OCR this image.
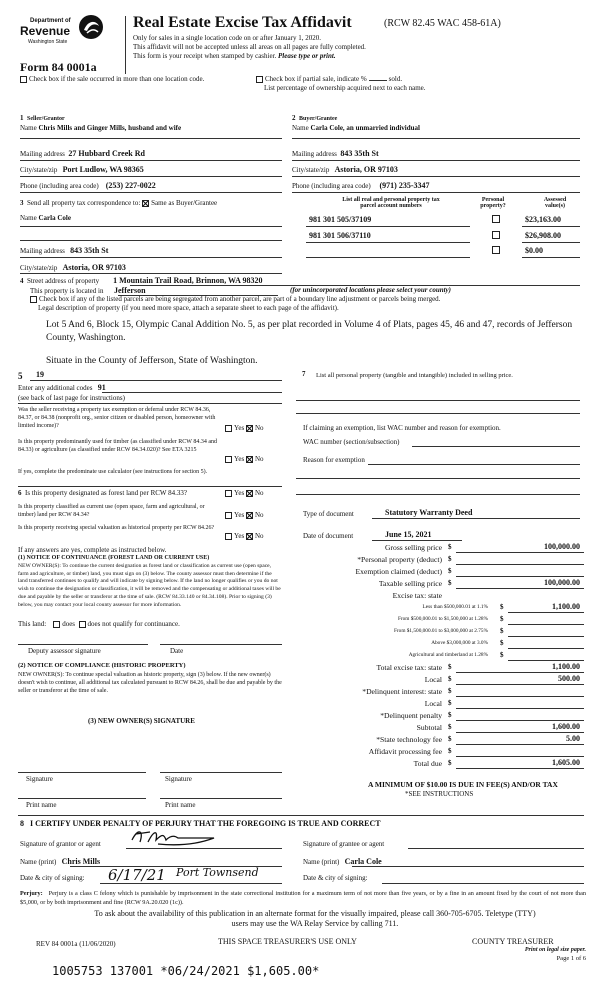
Department of
Revenue
Washington State
Real Estate Excise Tax Affidavit	(RCW 82.45 WAC 458-61A)
Only for sales in a single location code on or after January 1, 2020.
This affidavit will not be accepted unless all areas on all pages are fully completed.
This form is your receipt when stamped by cashier. Please type or print.
Form 84 0001a
Check box if the sale occurred in more than one location code.	Check box if partial sale, indicate %	sold.
List percentage of ownership acquired next to each name.
1 Seller/Grantor
Name Chris Mills and Ginger Mills, husband and wife
2 Buyer/Grantee
Name Carla Cole, an unmarried individual
Mailing address 27 Hubbard Creek Rd
City/state/zip Port Ludlow, WA 98365
Phone (including area code) (253) 227-0022
Mailing address 843 35th St
City/state/zip Astoria, OR 97103
Phone (including area code) (971) 235-3347
3 Send all property tax correspondence to: Same as Buyer/Grantee
Name Carla Cole
Mailing address 843 35th St
City/state/zip Astoria, OR 97103
List all real and personal property tax
parcel account numbers
Personal
property?
Assessed
value(s)
981 301 505/37109	$23,163.00
981 301 506/37110	$26,908.00
$0.00
4 Street address of property 1 Mountain Trail Road, Brinnon, WA 98320
This property is located in Jefferson	(for unincorporated locations please select your county)
Check box if any of the listed parcels are being segregated from another parcel, are part of a boundary line adjustment or parcels being merged.
Legal description of property (if you need more space, attach a separate sheet to each page of the affidavit).
Lot 5 And 6, Block 15, Olympic Canal Addition No. 5, as per plat recorded in Volume 4 of Plats, pages 45, 46 and 47, records of Jefferson County, Washington.
Situate in the County of Jefferson, State of Washington.
5 19
Enter any additional codes 91
(see back of last page for instructions)
Was the seller receiving a property tax exemption or deferral under RCW 84.36, 84.37, or 84.38 (nonprofit org., senior citizen or disabled person, homeowner with limited income)?	Yes No
Is this property predominantly used for timber (as classified under RCW 84.34 and 84.33) or agriculture (as classified under RCW 84.34.020)? See ETA 3215
Yes No
If yes, complete the predominate use calculator (see instructions for section 5).
6 Is this property designated as forest land per RCW 84.33?	Yes No
Is this property classified as current use (open space, farm and agricultural, or timber) land per RCW 84.34?	Yes No
Is this property receiving special valuation as historical property per RCW 84.26?
Yes No
If any answers are yes, complete as instructed below.
(1) NOTICE OF CONTINUANCE (FOREST LAND OR CURRENT USE)
NEW OWNER(S): To continue the current designation as forest land or classification as current use (open space, farm and agriculture, or timber) land, you must sign on (3) below. The county assessor must then determine if the land transferred continues to qualify and will indicate by signing below. If the land no longer qualifies or you do not wish to continue the designation or classification, it will be removed and the compensating or additional taxes will be due and payable by the seller or transferor at the time of sale. (RCW 84.33.140 or 84.34.108). Prior to signing (3) below, you may contact your local county assessor for more information.
This land: does does not qualify for continuance.
Deputy assessor signature	Date
(2) NOTICE OF COMPLIANCE (HISTORIC PROPERTY)
NEW OWNER(S): To continue special valuation as historic property, sign (3) below. If the new owner(s) doesn't wish to continue, all additional tax calculated pursuant to RCW 84.26, shall be due and payable by the seller or transferor at the time of sale.
(3) NEW OWNER(S) SIGNATURE
Signature	Signature
Print name	Print name
7 List all personal property (tangible and intangible) included in selling price.
If claiming an exemption, list WAC number and reason for exemption.
WAC number (section/subsection)
Reason for exemption
Type of document	Statutory Warranty Deed
Date of document	June 15, 2021
Gross selling price $	100,000.00
*Personal property (deduct) $
Exemption claimed (deduct) $
Taxable selling price $	100,000.00
Excise tax: state
Less than $500,000.01 at 1.1% $	1,100.00
From $500,000.01 to $1,500,000 at 1.28% $
From $1,500,000.01 to $3,000,000 at 2.75% $
Above $3,000,000 at 3.0% $
Agricultural and timberland at 1.28% $
Total excise tax: state $	1,100.00
Local $	500.00
*Delinquent interest: state $
Local $
*Delinquent penalty $
Subtotal $	1,600.00
*State technology fee $	5.00
Affidavit processing fee $
Total due $	1,605.00
A MINIMUM OF $10.00 IS DUE IN FEE(S) AND/OR TAX
*SEE INSTRUCTIONS
8 I CERTIFY UNDER PENALTY OF PERJURY THAT THE FOREGOING IS TRUE AND CORRECT
Signature of grantor or agent	Signature of grantee or agent
Name (print) Chris Mills	Name (print) Carla Cole
Date & city of signing: 6/17/21 Port Townsend	Date & city of signing:
Perjury: Perjury is a class C felony which is punishable by imprisonment in the state correctional institution for a maximum term of not more than five years, or by a fine in an amount fixed by the court of not more than $5,000, or by both imprisonment and fine (RCW 9A.20.020 (1c)).
To ask about the availability of this publication in an alternate format for the visually impaired, please call 360-705-6705. Teletype (TTY) users may use the WA Relay Service by calling 711.
REV 84 0001a (11/06/2020)	THIS SPACE TREASURER'S USE ONLY	COUNTY TREASURER
Print on legal size paper.
Page 1 of 6
1005753 137001 *06/24/2021 $1,605.00*
